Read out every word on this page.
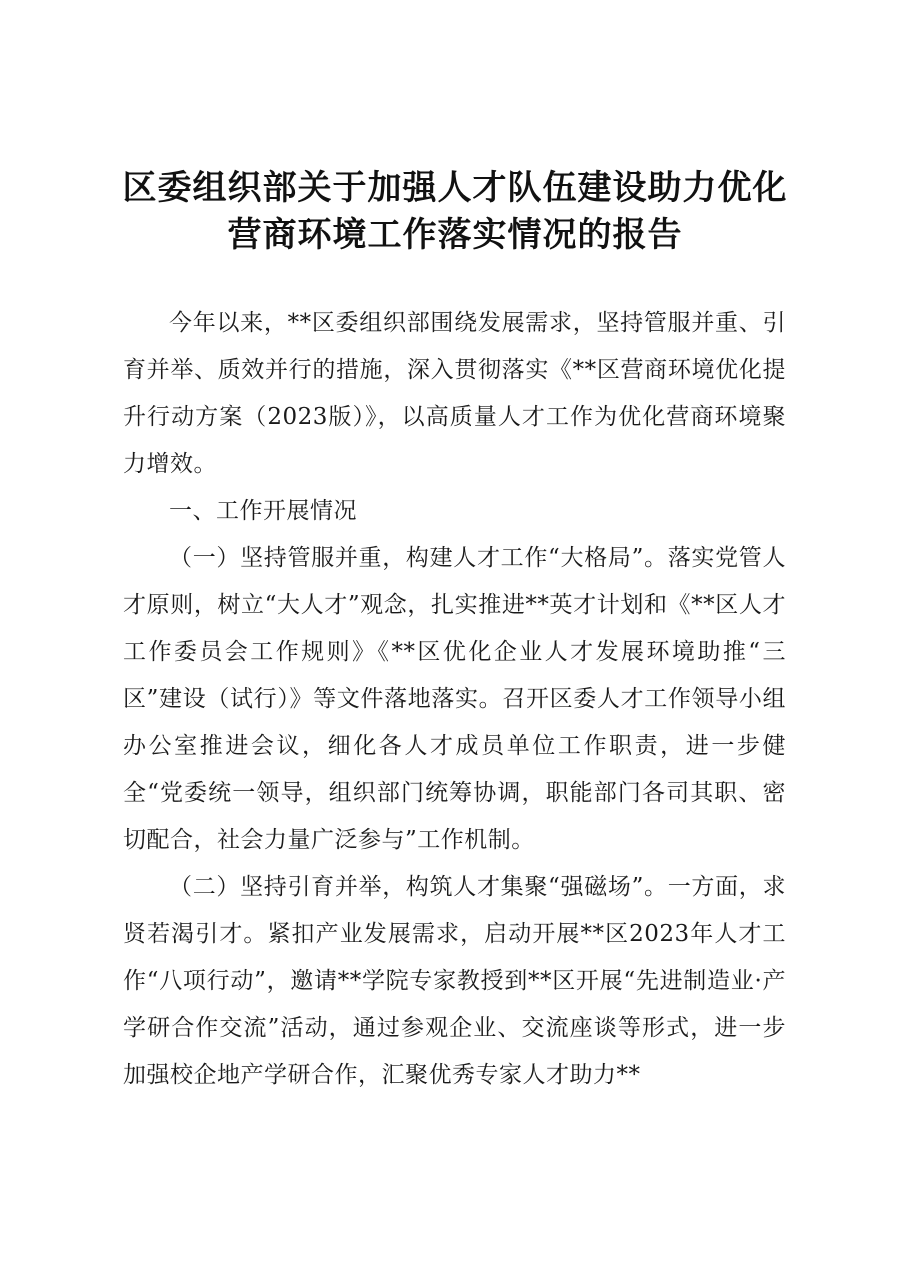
区委组织部关于加强人才队伍建设助力优化
营商环境工作落实情况的报告

今年以来，**区委组织部围绕发展需求，坚持管服并重、引育并举、质效并行的措施，深入贯彻落实《**区营商环境优化提升行动方案（2023版）》，以高质量人才工作为优化营商环境聚力增效。

一、工作开展情况

（一）坚持管服并重，构建人才工作“大格局”。落实党管人才原则，树立“大人才”观念，扎实推进**英才计划和《**区人才工作委员会工作规则》《**区优化企业人才发展环境助推“三区”建设（试行）》等文件落地落实。召开区委人才工作领导小组办公室推进会议，细化各人才成员单位工作职责，进一步健全“党委统一领导，组织部门统筹协调，职能部门各司其职、密切配合，社会力量广泛参与”工作机制。

（二）坚持引育并举，构筑人才集聚“强磁场”。一方面，求贤若渴引才。紧扣产业发展需求，启动开展**区2023年人才工作“八项行动”，邀请**学院专家教授到**区开展“先进制造业·产学研合作交流”活动，通过参观企业、交流座谈等形式，进一步加强校企地产学研合作，汇聚优秀专家人才助力**
